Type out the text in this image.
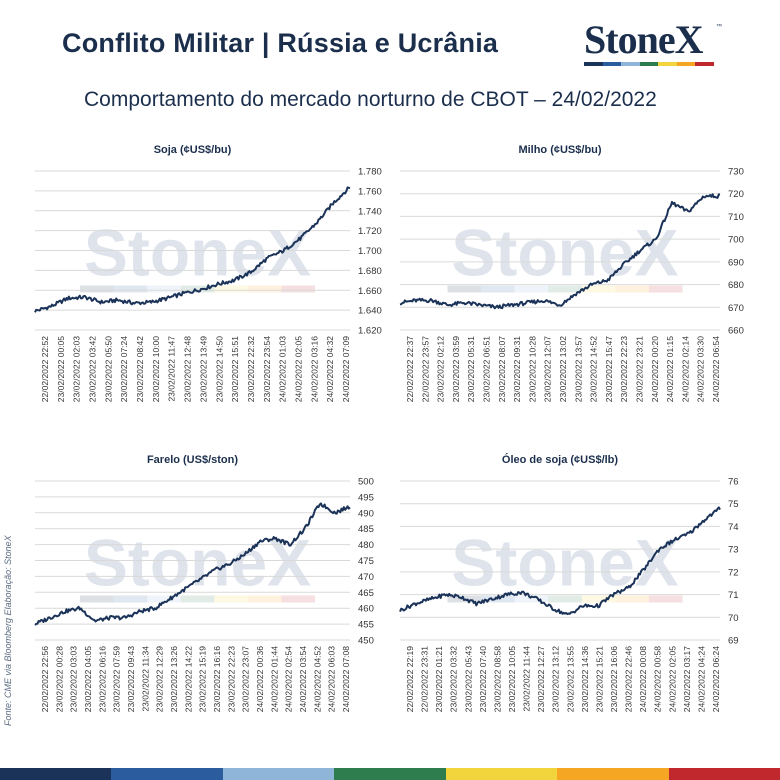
Conflito Militar | Rússia e Ucrânia
Comportamento do mercado norturno de CBOT – 24/02/2022
StoneX	™
Soja (¢US$/bu)
StoneX
1.620
1.640
1.660
1.680
1.700
1.720
1.740
1.760
1.780
22/02/2022 22:52 23/02/2022 00:05 23/02/2022 02:03 23/02/2022 03:42 23/02/2022 05:50 23/02/2022 07:24 23/02/2022 08:42 23/02/2022 10:00 23/02/2022 11:47 23/02/2022 12:48 23/02/2022 13:49 23/02/2022 14:50 23/02/2022 15:51 23/02/2022 22:32 23/02/2022 23:54 24/02/2022 01:03 24/02/2022 02:05 24/02/2022 03:16 24/02/2022 04:32 24/02/2022 07:09
Milho (¢US$/bu)
StoneX
660
670
680
690
700
710
720
730
22/02/2022 22:37 22/02/2022 23:57 23/02/2022 02:12 23/02/2022 03:59 23/02/2022 05:31 23/02/2022 06:51 23/02/2022 08:07 23/02/2022 09:31 23/02/2022 10:28 23/02/2022 12:07 23/02/2022 13:02 23/02/2022 13:57 23/02/2022 14:52 23/02/2022 15:47 23/02/2022 22:23 23/02/2022 23:21 24/02/2022 00:20 24/02/2022 01:15 24/02/2022 02:14 24/02/2022 03:30 24/02/2022 06:54
Farelo (US$/ston)
StoneX
450
455
460
465
470
475
480
485
490
495
500
22/02/2022 22:56 23/02/2022 00:28 23/02/2022 03:03 23/02/2022 04:05 23/02/2022 06:16 23/02/2022 07:59 23/02/2022 09:43 23/02/2022 11:34 23/02/2022 12:29 23/02/2022 13:26 23/02/2022 14:22 23/02/2022 15:19 23/02/2022 16:16 23/02/2022 22:23 23/02/2022 23:07 24/02/2022 00:36 24/02/2022 01:44 24/02/2022 02:54 24/02/2022 03:54 24/02/2022 04:52 24/02/2022 06:03 24/02/2022 07:08
Óleo de soja (¢US$/lb)
StoneX
69
70
71
72
73
74
75
76
22/02/2022 22:19 22/02/2022 23:31 23/02/2022 01:21 23/02/2022 03:32 23/02/2022 05:43 23/02/2022 07:40 23/02/2022 08:58 23/02/2022 10:05 23/02/2022 11:44 23/02/2022 12:27 23/02/2022 13:12 23/02/2022 13:55 23/02/2022 14:36 23/02/2022 15:21 23/02/2022 16:06 23/02/2022 22:46 24/02/2022 00:08 24/02/2022 00:58 24/02/2022 02:05 24/02/2022 03:17 24/02/2022 04:24 24/02/2022 06:24
Fonte: CME via Bloomberg Elaboração: StoneX
